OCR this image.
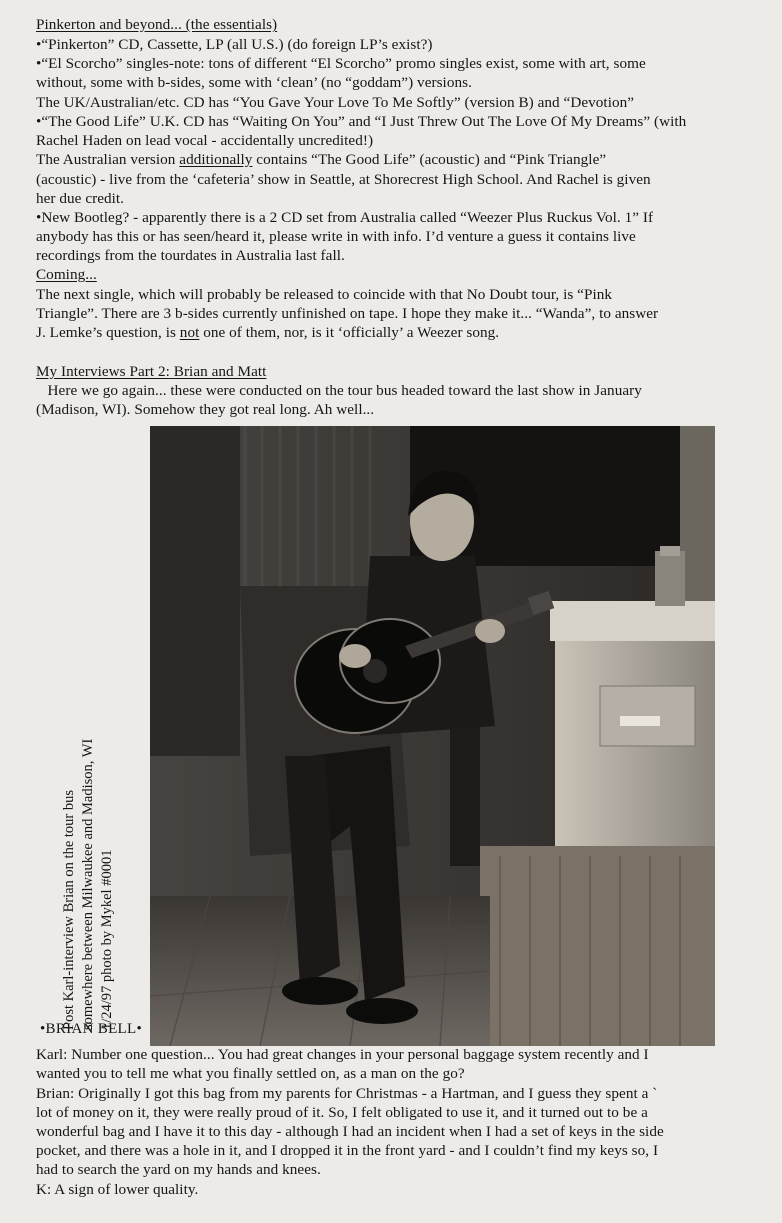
Pinkerton and beyond... (the essentials)
•“Pinkerton” CD, Cassette, LP (all U.S.) (do foreign LP’s exist?)
•“El Scorcho” singles-note: tons of different “El Scorcho” promo singles exist, some with art, some
without, some with b-sides, some with ‘clean’ (no “goddam”) versions.
The UK/Australian/etc. CD has “You Gave Your Love To Me Softly” (version B) and “Devotion”
•“The Good Life” U.K. CD has “Waiting On You” and “I Just Threw Out The Love Of My Dreams” (with
Rachel Haden on lead vocal - accidentally uncredited!)
The Australian version additionally contains “The Good Life” (acoustic) and “Pink Triangle”
(acoustic) - live from the ‘cafeteria’ show in Seattle, at Shorecrest High School. And Rachel is given
her due credit.
•New Bootleg? - apparently there is a 2 CD set from Australia called “Weezer Plus Ruckus Vol. 1” If
anybody has this or has seen/heard it, please write in with info. I’d venture a guess it contains live
recordings from the tourdates in Australia last fall.
Coming...
The next single, which will probably be released to coincide with that No Doubt tour, is “Pink
Triangle”. There are 3 b-sides currently unfinished on tape. I hope they make it... “Wanda”, to answer
J. Lemke’s question, is not one of them, nor, is it ‘officially’ a Weezer song.
My Interviews Part 2: Brian and Matt
Here we go again... these were conducted on the tour bus headed toward the last show in January
(Madison, WI). Somehow they got real long. Ah well...
Post Karl-interview Brian on the tour bus somewhere between Milwaukee and Madison, WI 1/24/97 photo by Mykel #0001
•BRIAN BELL•
Karl: Number one question... You had great changes in your personal baggage system recently and I
wanted you to tell me what you finally settled on, as a man on the go?
Brian: Originally I got this bag from my parents for Christmas - a Hartman, and I guess they spent a `
lot of money on it, they were really proud of it. So, I felt obligated to use it, and it turned out to be a
wonderful bag and I have it to this day - although I had an incident when I had a set of keys in the side
pocket, and there was a hole in it, and I dropped it in the front yard - and I couldn’t find my keys so, I
had to search the yard on my hands and knees.
K: A sign of lower quality.
